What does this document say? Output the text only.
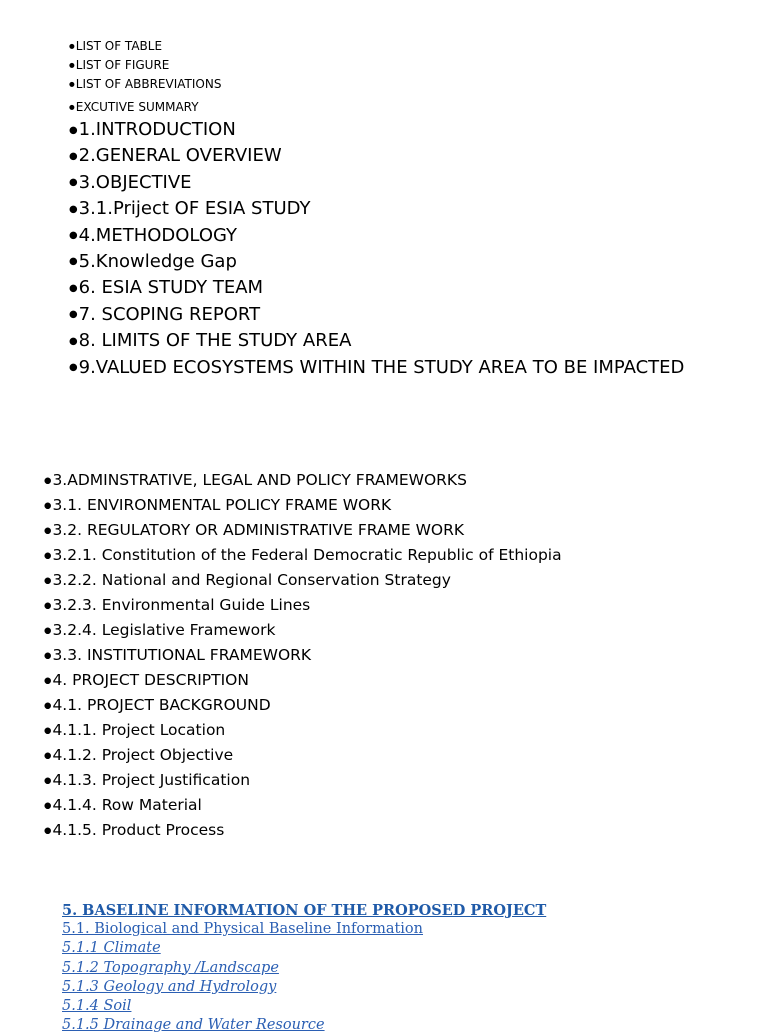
●LIST OF TABLE
●LIST OF FIGURE
●LIST OF ABBREVIATIONS
●EXCUTIVE SUMMARY
●1.INTRODUCTION
●2.GENERAL OVERVIEW
●3.OBJECTIVE
●3.1.Priject OF ESIA STUDY
●4.METHODOLOGY
●5.Knowledge Gap
●6. ESIA STUDY TEAM
●7. SCOPING REPORT
●8. LIMITS OF THE STUDY AREA
●9.VALUED ECOSYSTEMS WITHIN THE STUDY AREA TO BE IMPACTED
●3.ADMINSTRATIVE, LEGAL AND POLICY FRAMEWORKS
●3.1. ENVIRONMENTAL POLICY FRAME WORK
●3.2. REGULATORY OR ADMINISTRATIVE FRAME WORK
●3.2.1. Constitution of the Federal Democratic Republic of Ethiopia
●3.2.2. National and Regional Conservation Strategy
●3.2.3. Environmental Guide Lines
●3.2.4. Legislative Framework
●3.3. INSTITUTIONAL FRAMEWORK
●4. PROJECT DESCRIPTION
●4.1. PROJECT BACKGROUND
●4.1.1. Project Location
●4.1.2. Project Objective
●4.1.3. Project Justification
●4.1.4. Row Material
●4.1.5. Product Process
5. BASELINE INFORMATION OF THE PROPOSED PROJECT
5.1. Biological and Physical Baseline Information
5.1.1 Climate
5.1.2 Topography /Landscape
5.1.3 Geology and Hydrology
5.1.4 Soil
5.1.5 Drainage and Water Resource
